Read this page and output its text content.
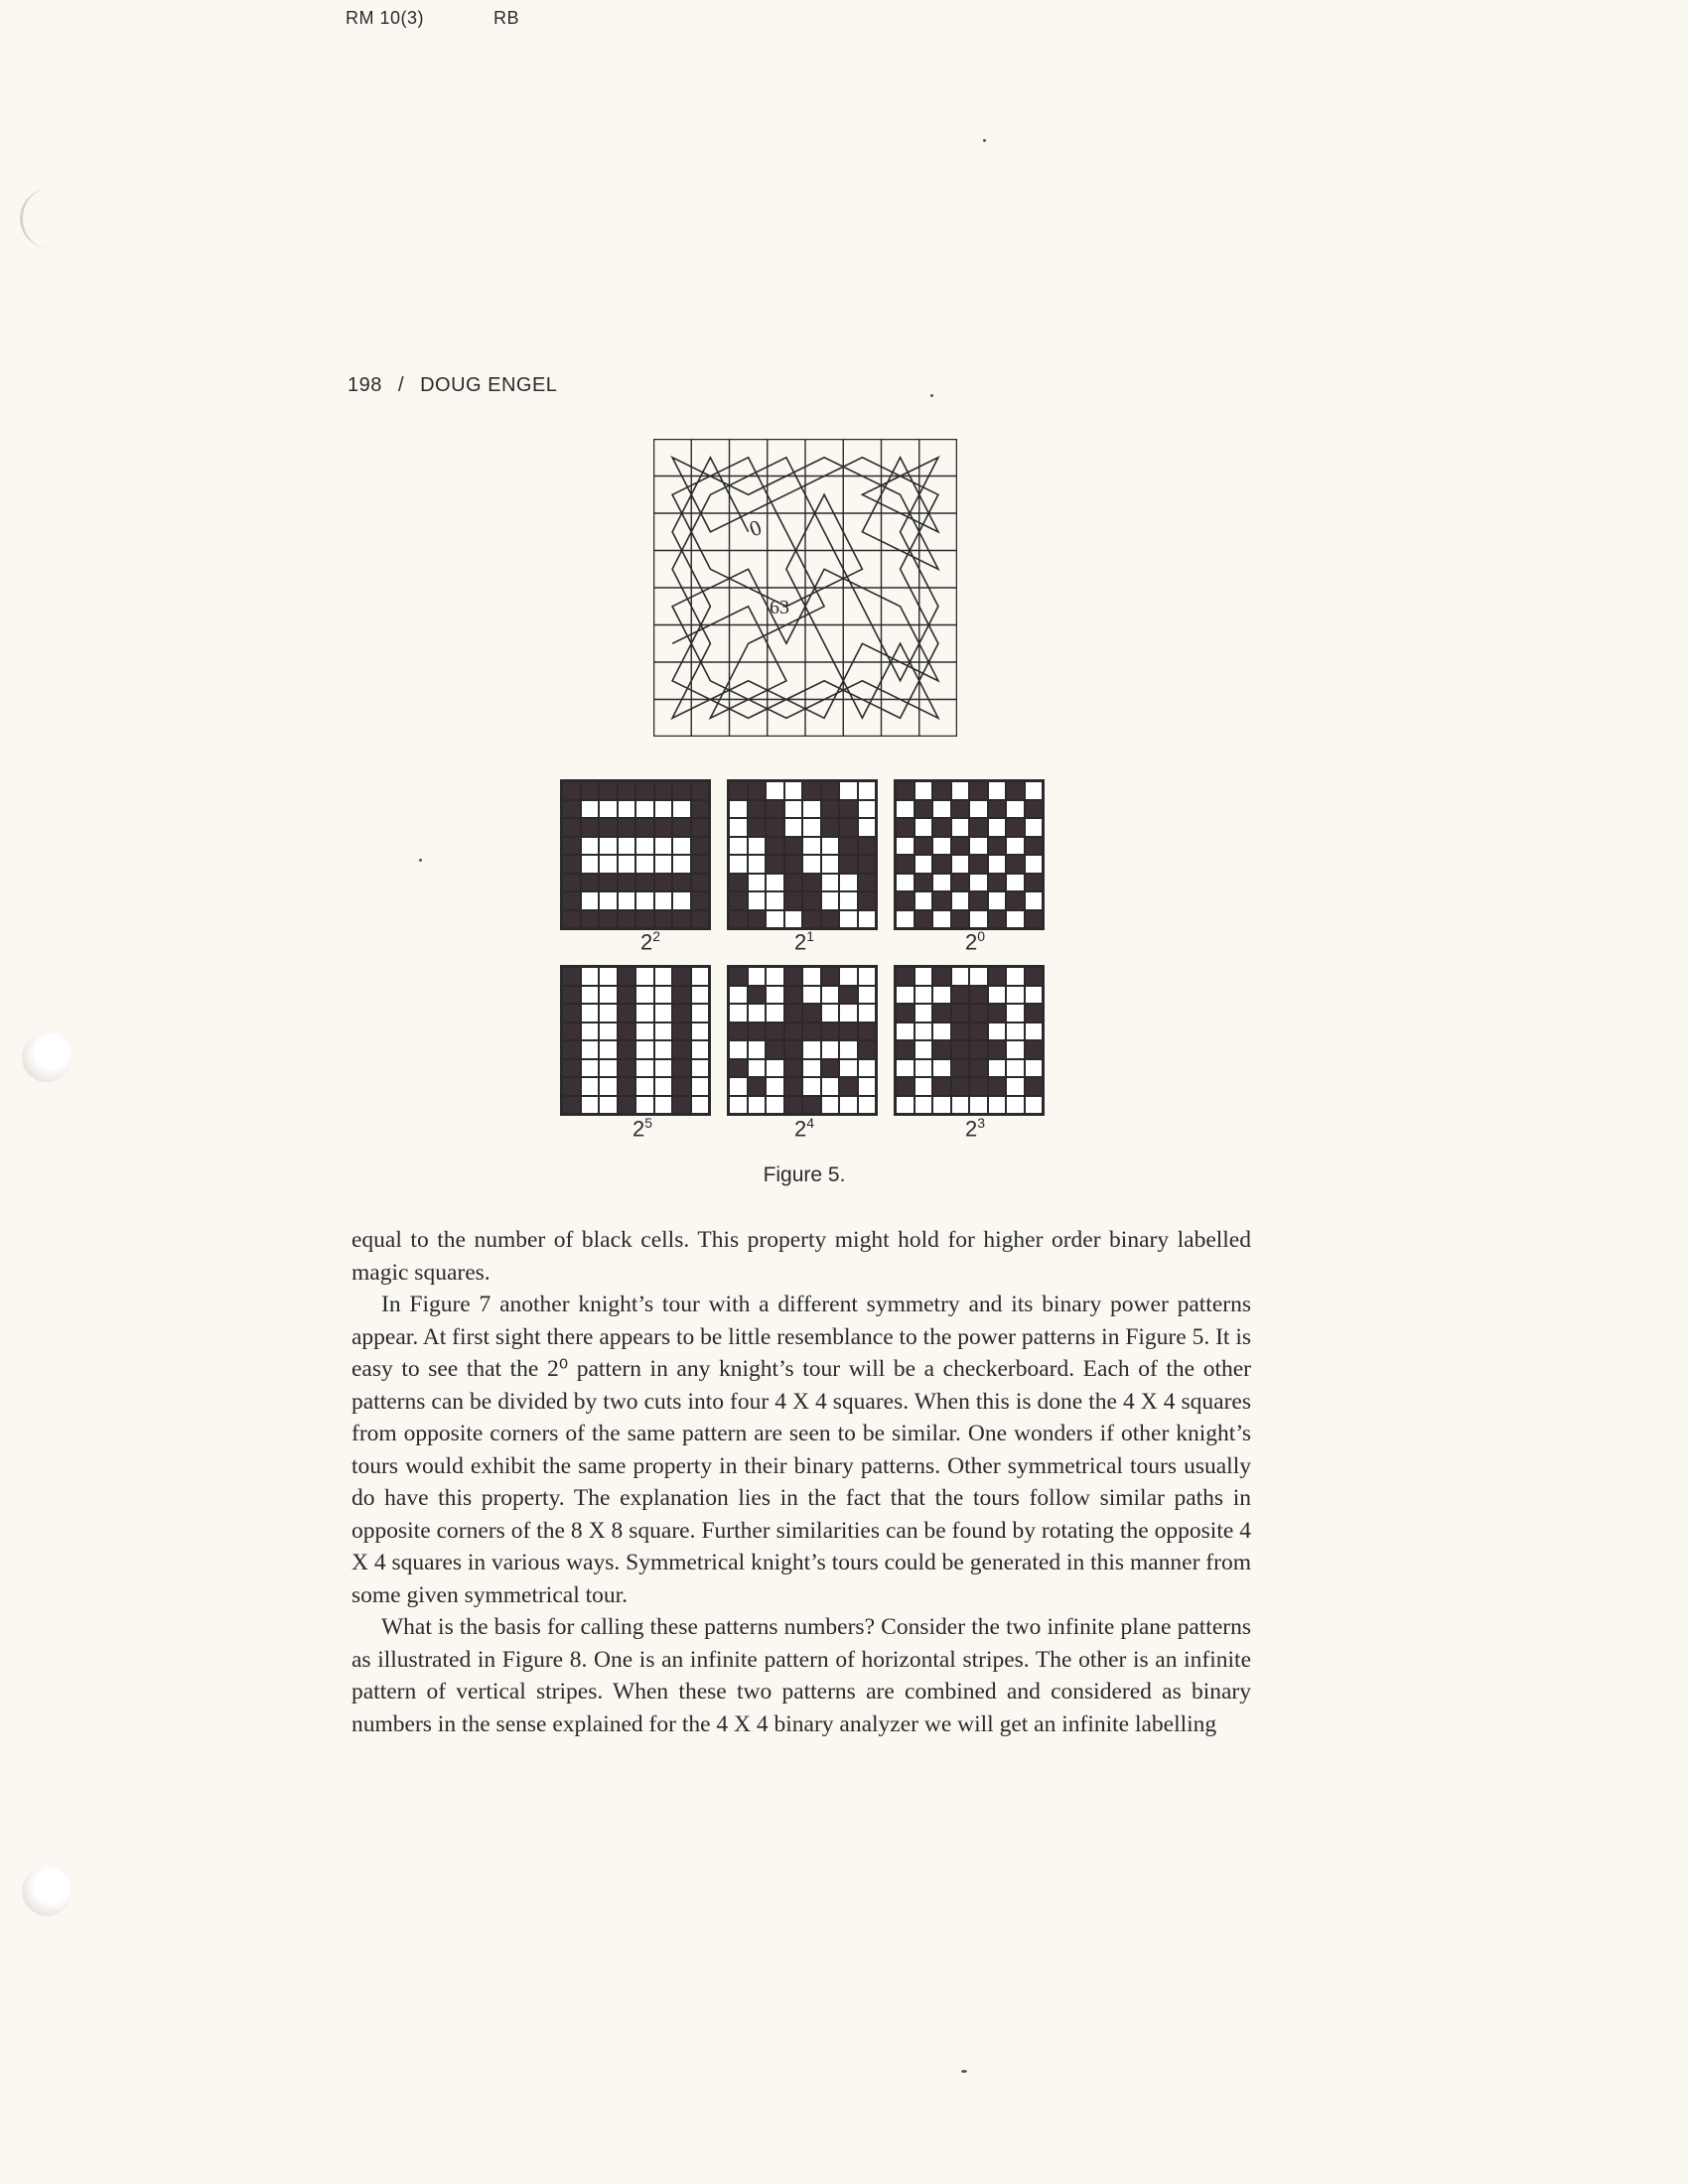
RM 10(3)	RB
198 / DOUG ENGEL
0
63
$2^2$	$2^1$	$2^0$
$2^5$	$2^4$	$2^3$
Figure 5.

equal to the number of black cells. This property might hold for higher order binary labelled magic squares.

In Figure 7 another knight’s tour with a different symmetry and its binary power patterns appear. At first sight there appears to be little resemblance to the power patterns in Figure 5. It is easy to see that the 2⁰ pattern in any knight’s tour will be a checkerboard. Each of the other patterns can be divided by two cuts into four 4 X 4 squares. When this is done the 4 X 4 squares from opposite corners of the same pattern are seen to be similar. One wonders if other knight’s tours would exhibit the same property in their binary patterns. Other symmetrical tours usually do have this property. The explanation lies in the fact that the tours follow similar paths in opposite corners of the 8 X 8 square. Further similarities can be found by rotating the opposite 4 X 4 squares in various ways. Symmetrical knight’s tours could be generated in this manner from some given symmetrical tour.

What is the basis for calling these patterns numbers? Consider the two infinite plane patterns as illustrated in Figure 8. One is an infinite pattern of horizontal stripes. The other is an infinite pattern of vertical stripes. When these two patterns are combined and considered as binary numbers in the sense explained for the 4 X 4 binary analyzer we will get an infinite labelling
